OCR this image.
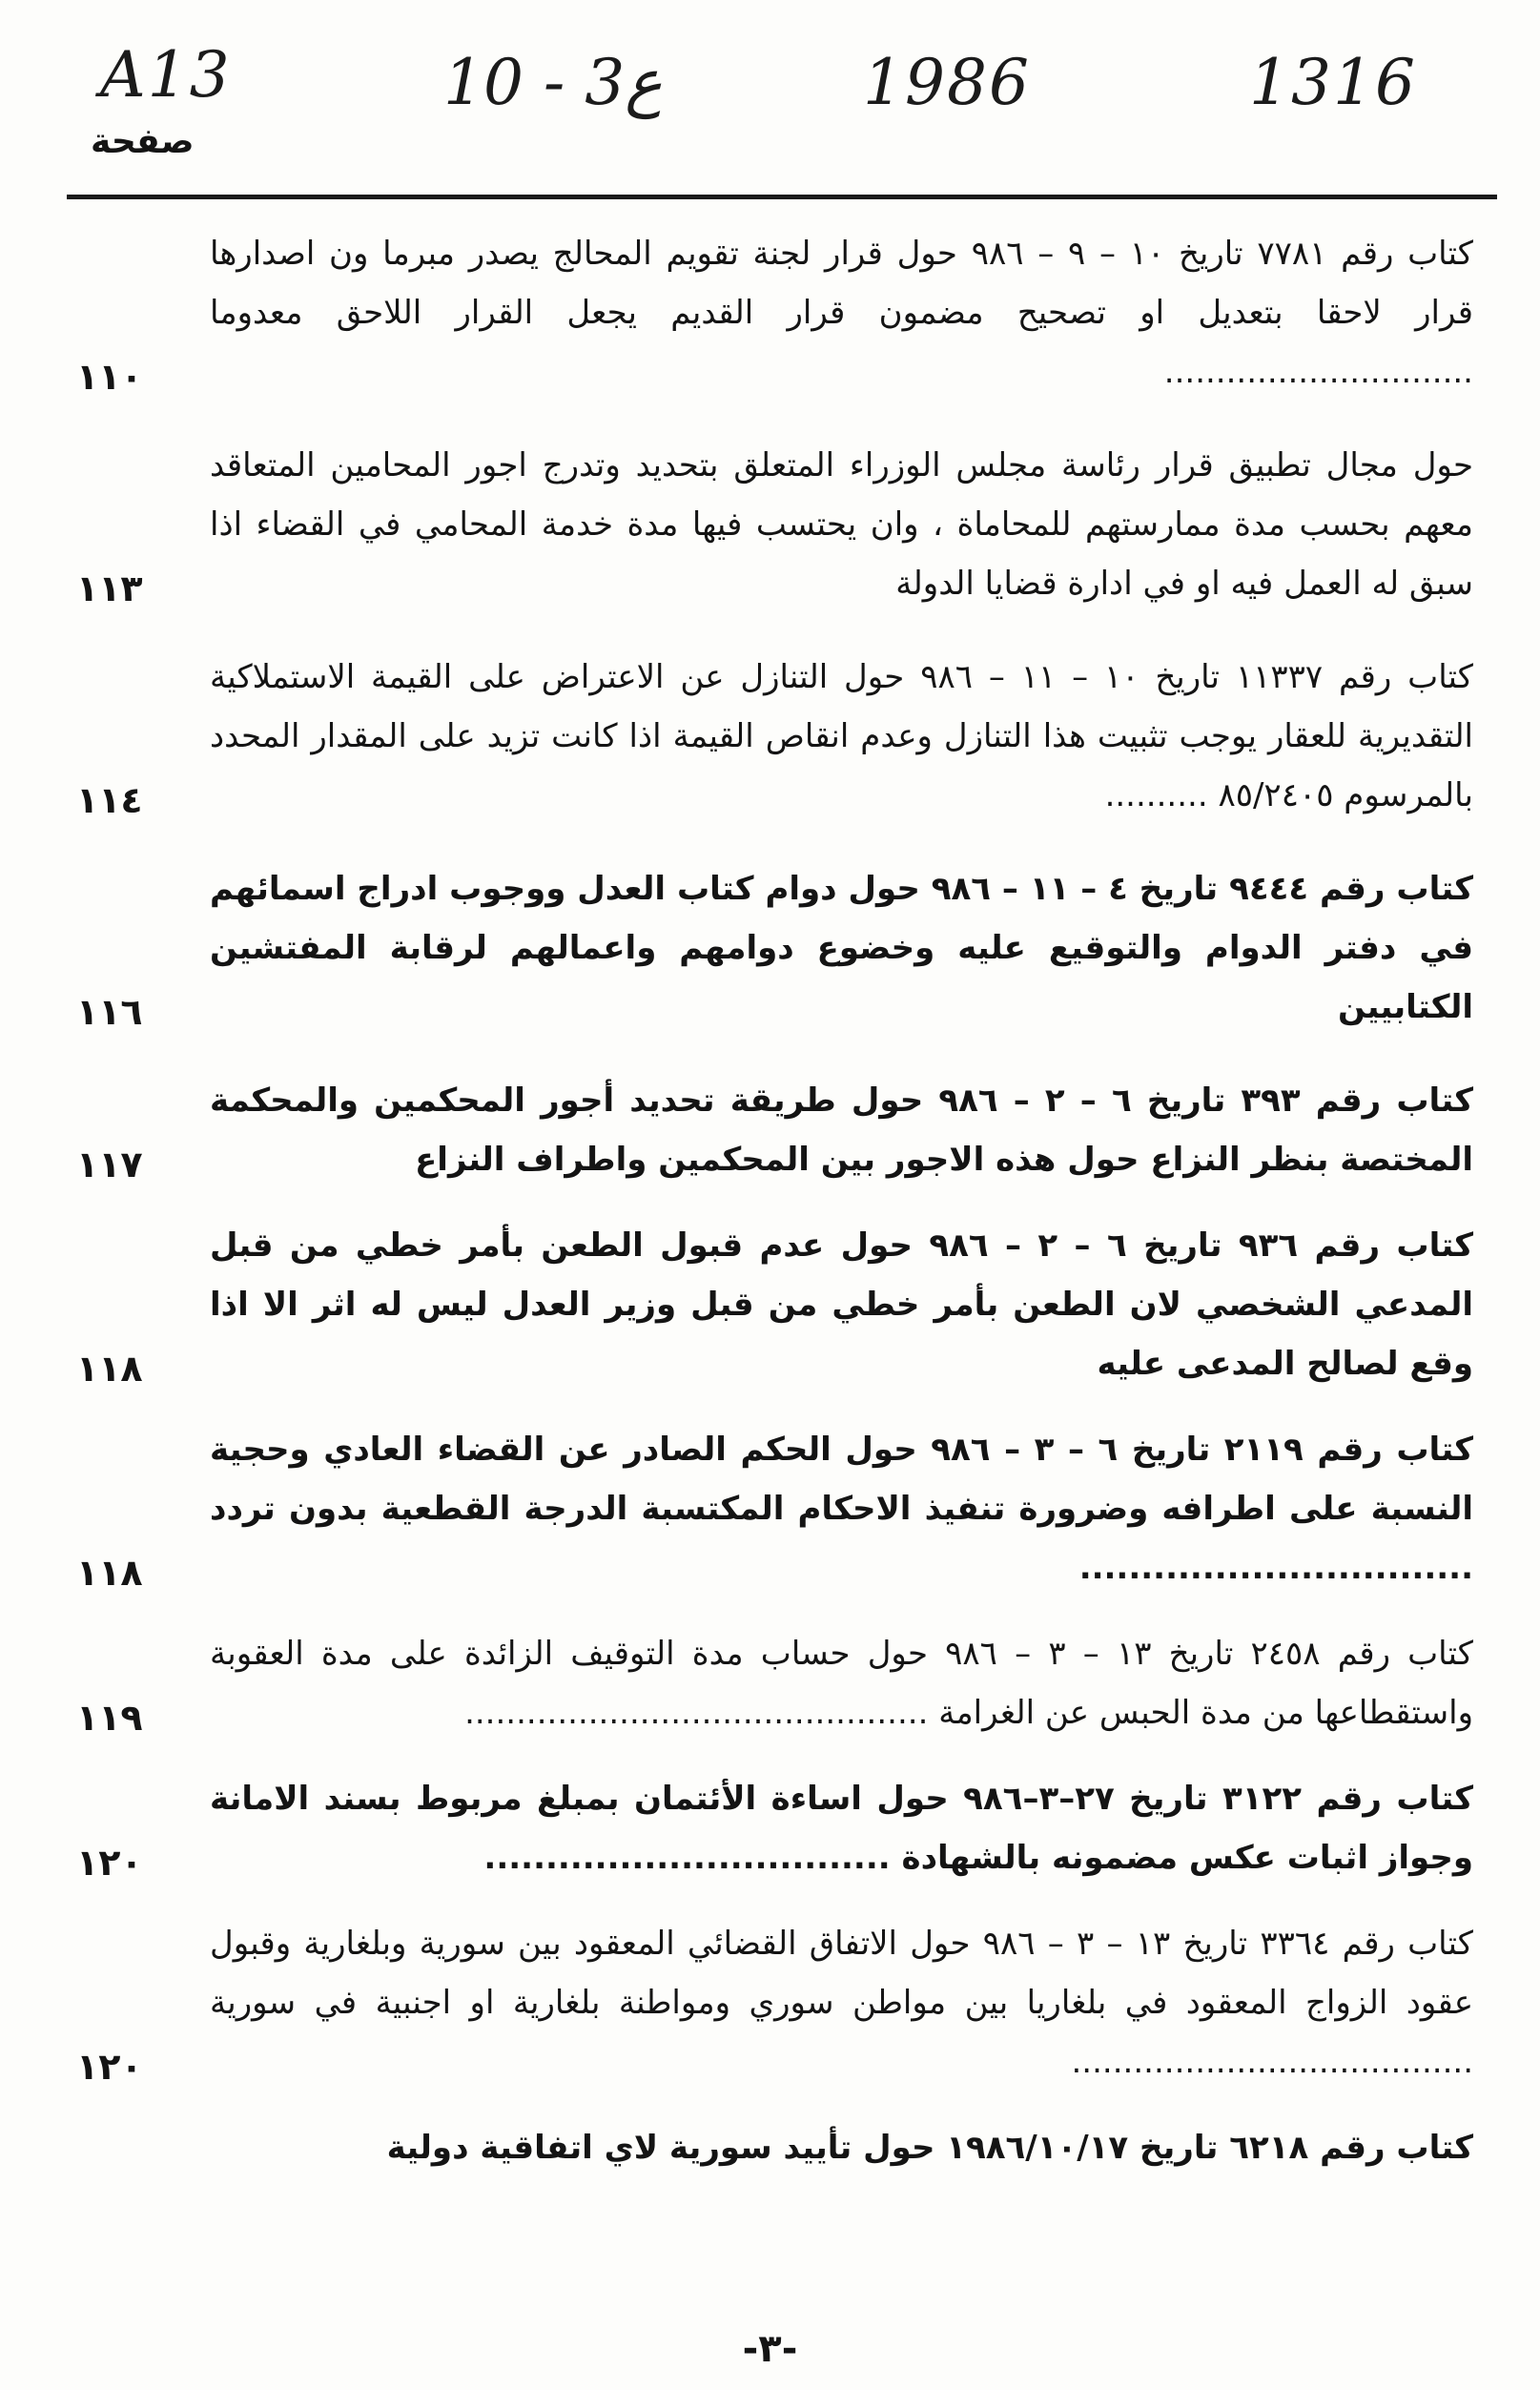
A13	10 - 3ع	1986	1316
صفحة
كتاب رقم ٧٧٨١ تاريخ ١٠ – ٩ – ٩٨٦ حول قرار لجنة تقويم المحالج يصدر مبرما ون اصدارها قرار لاحقا بتعديل او تصحيح مضمون قرار القديم يجعل القرار اللاحق معدوما ..............................
١١٠
حول مجال تطبيق قرار رئاسة مجلس الوزراء المتعلق بتحديد وتدرج اجور المحامين المتعاقد معهم بحسب مدة ممارستهم للمحاماة ، وان يحتسب فيها مدة خدمة المحامي في القضاء اذا سبق له العمل فيه او في ادارة قضايا الدولة
١١٣
كتاب رقم ١١٣٣٧ تاريخ ١٠ – ١١ – ٩٨٦ حول التنازل عن الاعتراض على القيمة الاستملاكية التقديرية للعقار يوجب تثبيت هذا التنازل وعدم انقاص القيمة اذا كانت تزيد على المقدار المحدد بالمرسوم ٨٥/٢٤٠٥ ..........
١١٤
كتاب رقم ٩٤٤٤ تاريخ ٤ – ١١ – ٩٨٦ حول دوام كتاب العدل ووجوب ادراج اسمائهم في دفتر الدوام والتوقيع عليه وخضوع دوامهم واعمالهم لرقابة المفتشين الكتابيين
١١٦
كتاب رقم ٣٩٣ تاريخ ٦ – ٢ – ٩٨٦ حول طريقة تحديد أجور المحكمين والمحكمة المختصة بنظر النزاع حول هذه الاجور بين المحكمين واطراف النزاع
١١٧
كتاب رقم ٩٣٦ تاريخ ٦ – ٢ – ٩٨٦ حول عدم قبول الطعن بأمر خطي من قبل المدعي الشخصي لان الطعن بأمر خطي من قبل وزير العدل ليس له اثر الا اذا وقع لصالح المدعى عليه
١١٨
كتاب رقم ٢١١٩ تاريخ ٦ – ٣ – ٩٨٦ حول الحكم الصادر عن القضاء العادي وحجية النسبة على اطرافه وضرورة تنفيذ الاحكام المكتسبة الدرجة القطعية بدون تردد ................................
١١٨
كتاب رقم ٢٤٥٨ تاريخ ١٣ – ٣ – ٩٨٦ حول حساب مدة التوقيف الزائدة على مدة العقوبة واستقطاعها من مدة الحبس عن الغرامة .............................................
١١٩
كتاب رقم ٣١٢٢ تاريخ ٢٧–٣–٩٨٦ حول اساءة الأئتمان بمبلغ مربوط بسند الامانة وجواز اثبات عكس مضمونه بالشهادة .................................
١٢٠
كتاب رقم ٣٣٦٤ تاريخ ١٣ – ٣ – ٩٨٦ حول الاتفاق القضائي المعقود بين سورية وبلغارية وقبول عقود الزواج المعقود في بلغاريا بين مواطن سوري ومواطنة بلغارية او اجنبية في سورية .......................................
١٢٠
كتاب رقم ٦٢١٨ تاريخ ١٩٨٦/١٠/١٧ حول تأييد سورية لاي اتفاقية دولية
-٣-
